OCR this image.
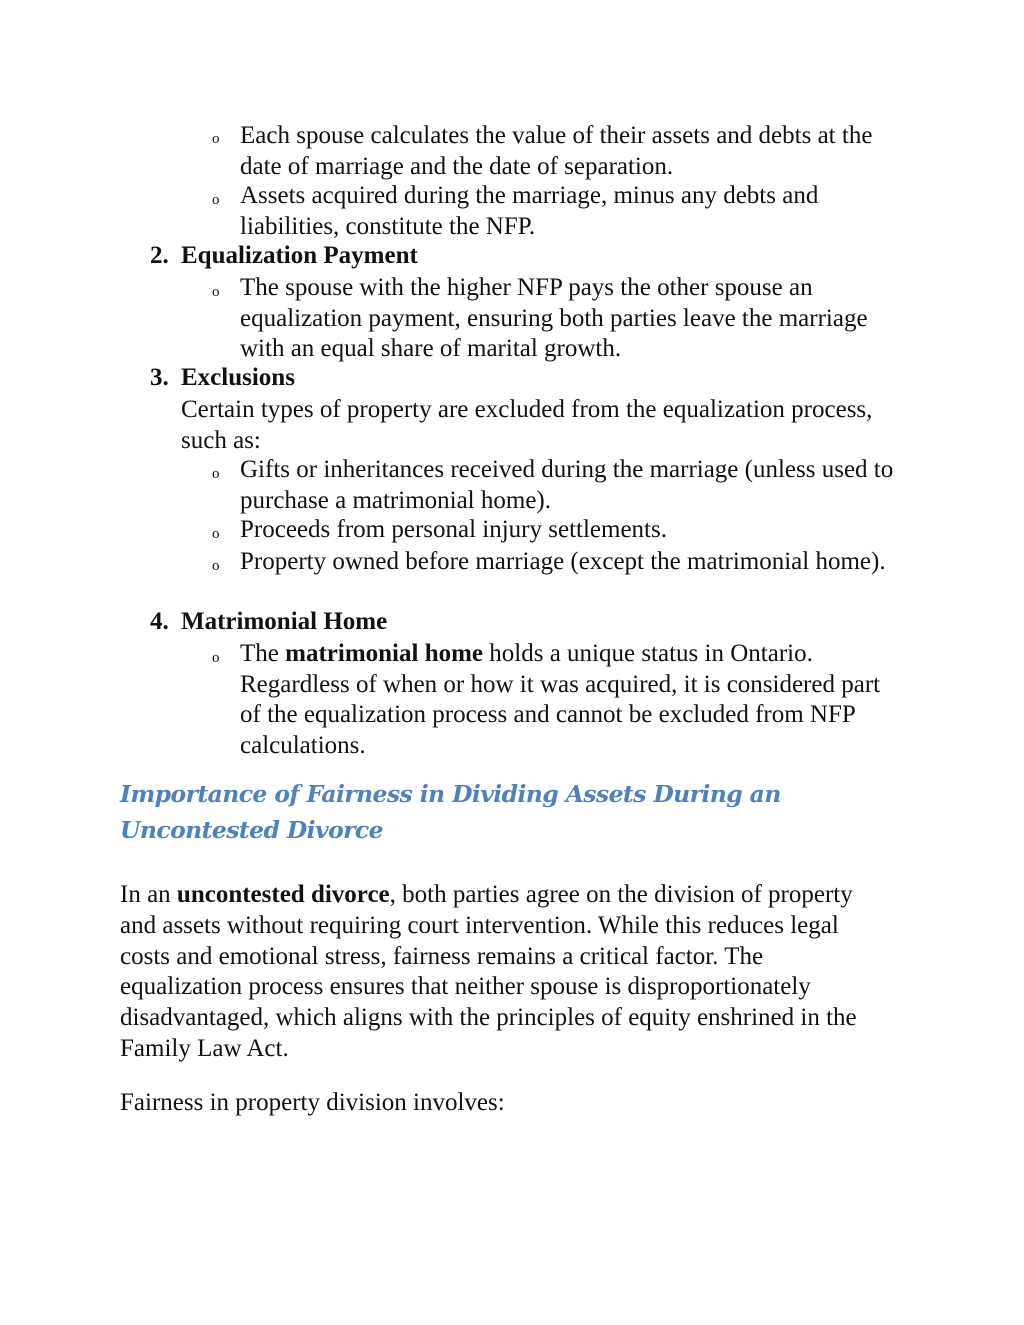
o Each spouse calculates the value of their assets and debts at the date of marriage and the date of separation.
o Assets acquired during the marriage, minus any debts and liabilities, constitute the NFP.
2. Equalization Payment
o The spouse with the higher NFP pays the other spouse an equalization payment, ensuring both parties leave the marriage with an equal share of marital growth.
3. Exclusions
Certain types of property are excluded from the equalization process, such as:
o Gifts or inheritances received during the marriage (unless used to purchase a matrimonial home).
o Proceeds from personal injury settlements.
o Property owned before marriage (except the matrimonial home).
4. Matrimonial Home
o The matrimonial home holds a unique status in Ontario. Regardless of when or how it was acquired, it is considered part of the equalization process and cannot be excluded from NFP calculations.
Importance of Fairness in Dividing Assets During an Uncontested Divorce

In an uncontested divorce, both parties agree on the division of property and assets without requiring court intervention. While this reduces legal costs and emotional stress, fairness remains a critical factor. The equalization process ensures that neither spouse is disproportionately disadvantaged, which aligns with the principles of equity enshrined in the Family Law Act.

Fairness in property division involves:
